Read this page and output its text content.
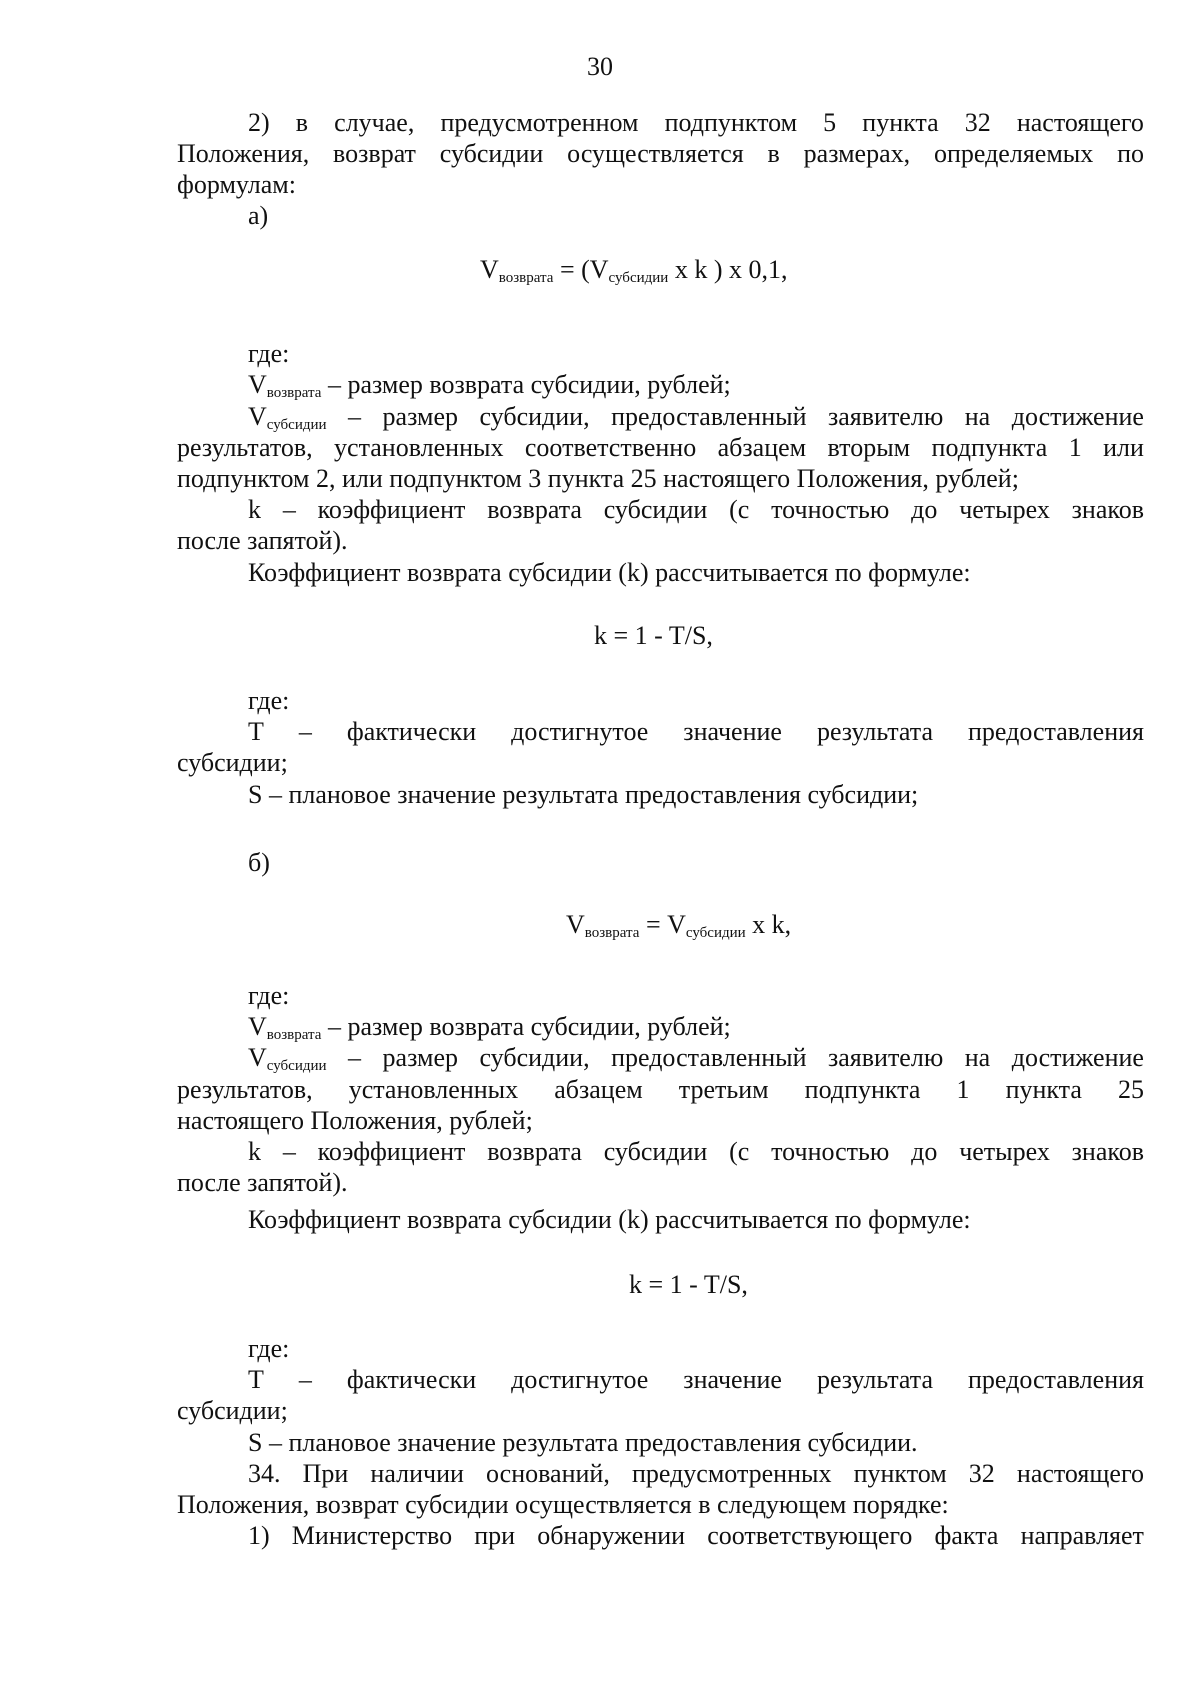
30
2) в случае, предусмотренном подпунктом 5 пункта 32 настоящего
Положения, возврат субсидии осуществляется в размерах, определяемых по
формулам:
а)
$V_{возврата} = (V_{субсидии}$ x k ) x 0,1,
где:
$V_{возврата}$ – размер возврата субсидии, рублей;
$V_{субсидии}$ – размер субсидии, предоставленный заявителю на достижение
результатов, установленных соответственно абзацем вторым подпункта 1 или
подпунктом 2, или подпунктом 3 пункта 25 настоящего Положения, рублей;
k – коэффициент возврата субсидии (с точностью до четырех знаков
после запятой).
Коэффициент возврата субсидии (k) рассчитывается по формуле:
k = 1 - T/S,
где:
Т – фактически достигнутое значение результата предоставления
субсидии;
S – плановое значение результата предоставления субсидии;
б)
$V_{возврата} = V_{субсидии}$ x k,
где:
$V_{возврата}$ – размер возврата субсидии, рублей;
$V_{субсидии}$ – размер субсидии, предоставленный заявителю на достижение
результатов, установленных абзацем третьим подпункта 1 пункта 25
настоящего Положения, рублей;
k – коэффициент возврата субсидии (с точностью до четырех знаков
после запятой).
Коэффициент возврата субсидии (k) рассчитывается по формуле:
k = 1 - T/S,
где:
Т – фактически достигнутое значение результата предоставления
субсидии;
S – плановое значение результата предоставления субсидии.
34. При наличии оснований, предусмотренных пунктом 32 настоящего
Положения, возврат субсидии осуществляется в следующем порядке:
1) Министерство при обнаружении соответствующего факта направляет
